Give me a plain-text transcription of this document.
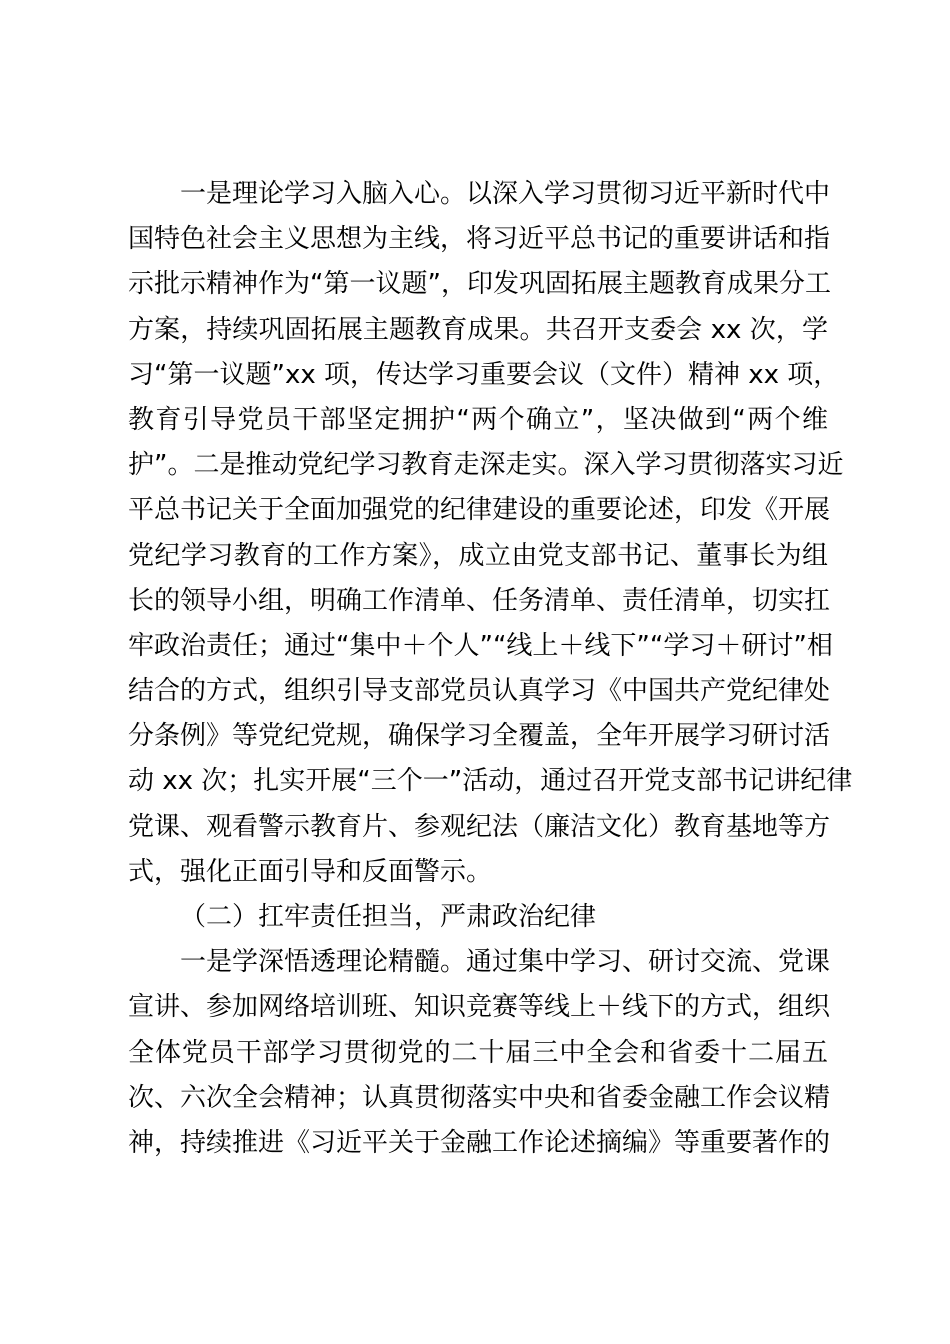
一是理论学习入脑入心。以深入学习贯彻习近平新时代中
国特色社会主义思想为主线，将习近平总书记的重要讲话和指
示批示精神作为“第一议题”，印发巩固拓展主题教育成果分工
方案，持续巩固拓展主题教育成果。共召开支委会 xx 次，学
习“第一议题”xx 项，传达学习重要会议（文件）精神 xx 项，
教育引导党员干部坚定拥护“两个确立”，坚决做到“两个维
护”。二是推动党纪学习教育走深走实。深入学习贯彻落实习近
平总书记关于全面加强党的纪律建设的重要论述，印发《开展
党纪学习教育的工作方案》，成立由党支部书记、董事长为组
长的领导小组，明确工作清单、任务清单、责任清单，切实扛
牢政治责任；通过“集中＋个人”“线上＋线下”“学习＋研讨”相
结合的方式，组织引导支部党员认真学习《中国共产党纪律处
分条例》等党纪党规，确保学习全覆盖，全年开展学习研讨活
动 xx 次；扎实开展“三个一”活动，通过召开党支部书记讲纪律
党课、观看警示教育片、参观纪法（廉洁文化）教育基地等方
式，强化正面引导和反面警示。
（二）扛牢责任担当，严肃政治纪律
一是学深悟透理论精髓。通过集中学习、研讨交流、党课
宣讲、参加网络培训班、知识竞赛等线上＋线下的方式，组织
全体党员干部学习贯彻党的二十届三中全会和省委十二届五
次、六次全会精神；认真贯彻落实中央和省委金融工作会议精
神，持续推进《习近平关于金融工作论述摘编》等重要著作的
